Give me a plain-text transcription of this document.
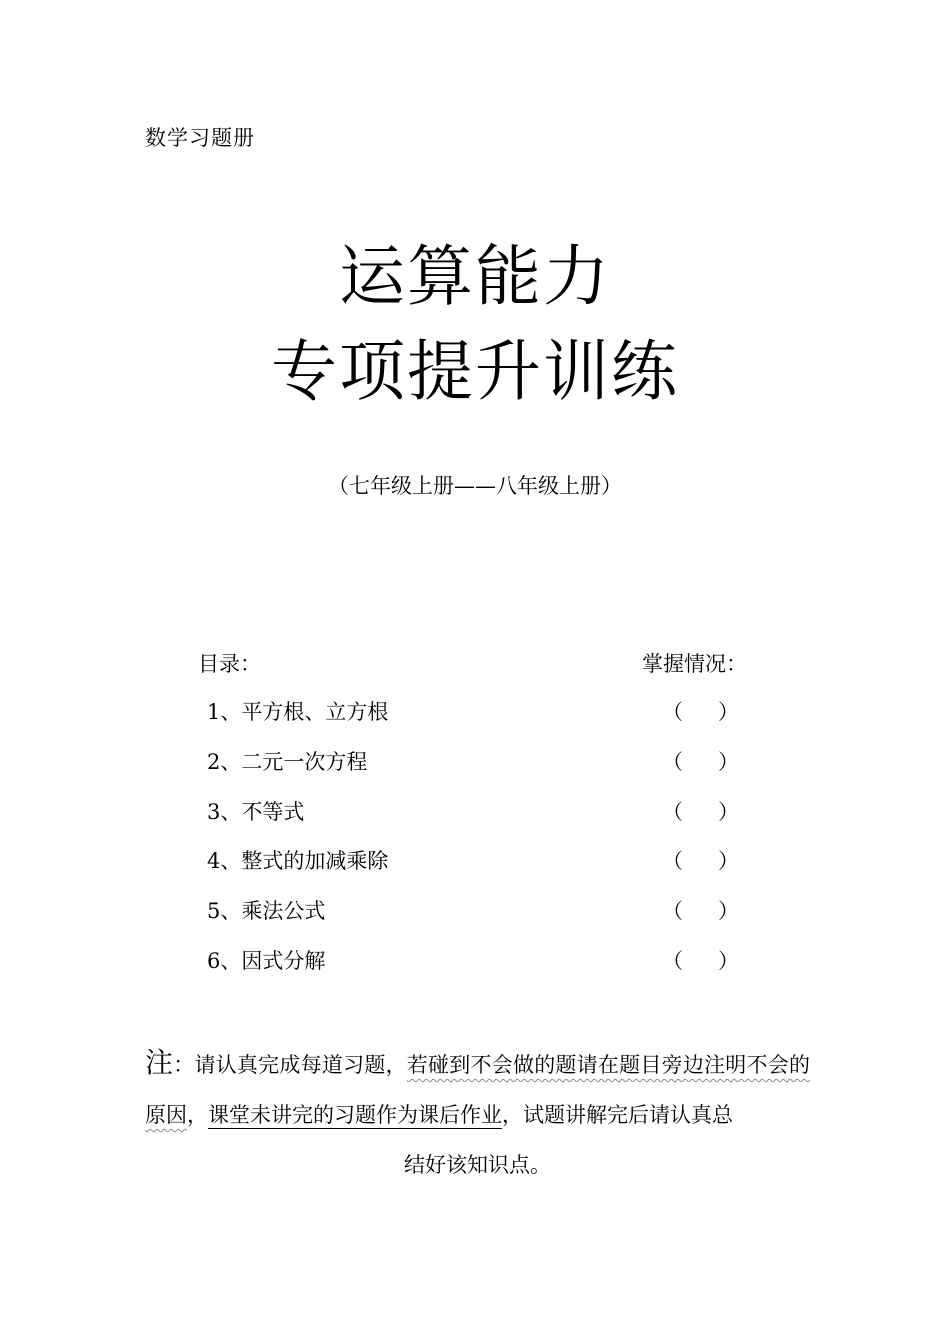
数学习题册
运算能力
专项提升训练
（七年级上册——八年级上册）
目录：	掌握情况：
1、平方根、立方根	（ ）
2、二元一次方程	（ ）
3、不等式	（ ）
4、整式的加减乘除	（ ）
5、乘法公式	（ ）
6、因式分解	（ ）
注：请认真完成每道习题，若碰到不会做的题请在题目旁边注明不会的原因，课堂未讲完的习题作为课后作业，试题讲解完后请认真总
结好该知识点。
